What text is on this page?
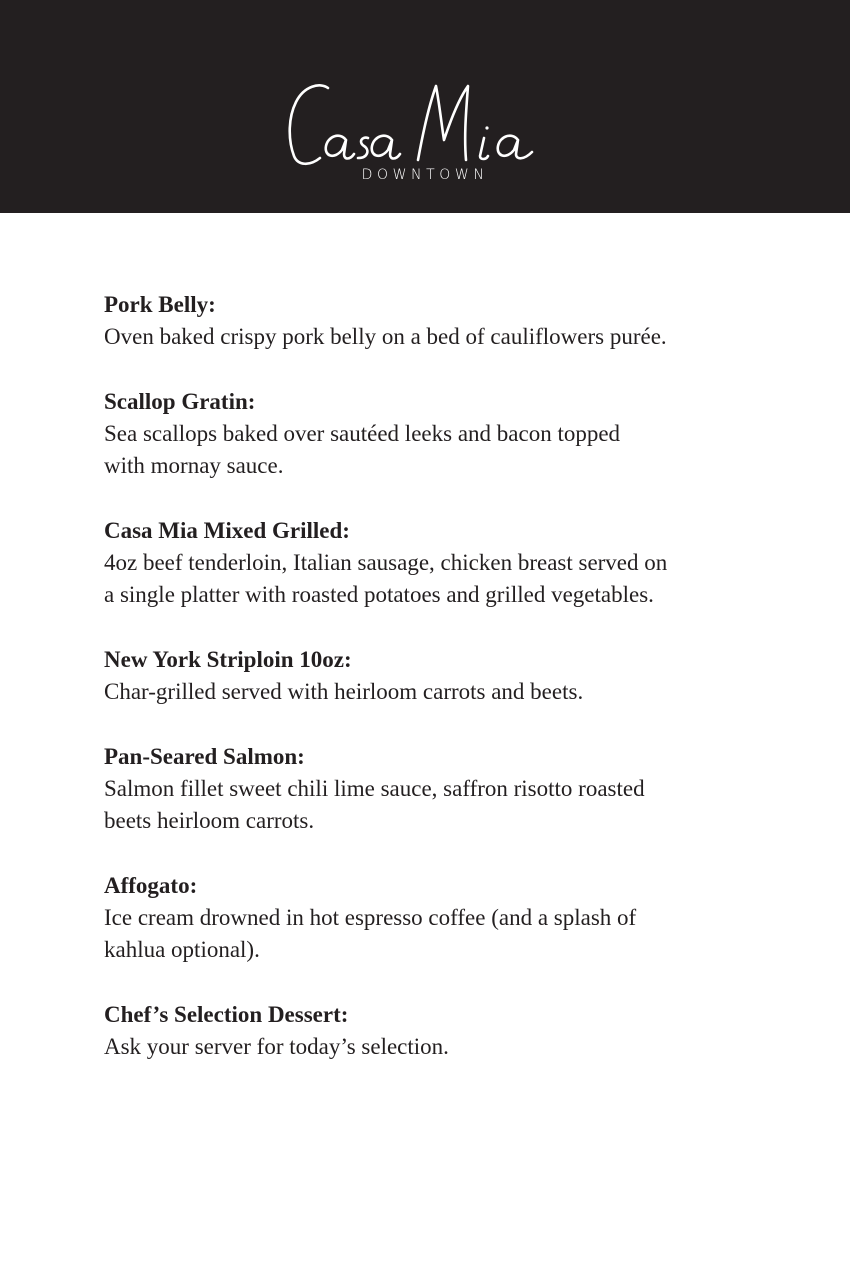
DOWNTOWN

Pork Belly:

Oven baked crispy pork belly on a bed of cauliflowers purée.

Scallop Gratin:

Sea scallops baked over sautéed leeks and bacon topped
with mornay sauce.

Casa Mia Mixed Grilled:

4oz beef tenderloin, Italian sausage, chicken breast served on
a single platter with roasted potatoes and grilled vegetables.

New York Striploin 10oz:

Char-grilled served with heirloom carrots and beets.

Pan-Seared Salmon:

Salmon fillet sweet chili lime sauce, saffron risotto roasted
beets heirloom carrots.

Affogato:

Ice cream drowned in hot espresso coffee (and a splash of
kahlua optional).

Chef’s Selection Dessert:

Ask your server for today’s selection.
